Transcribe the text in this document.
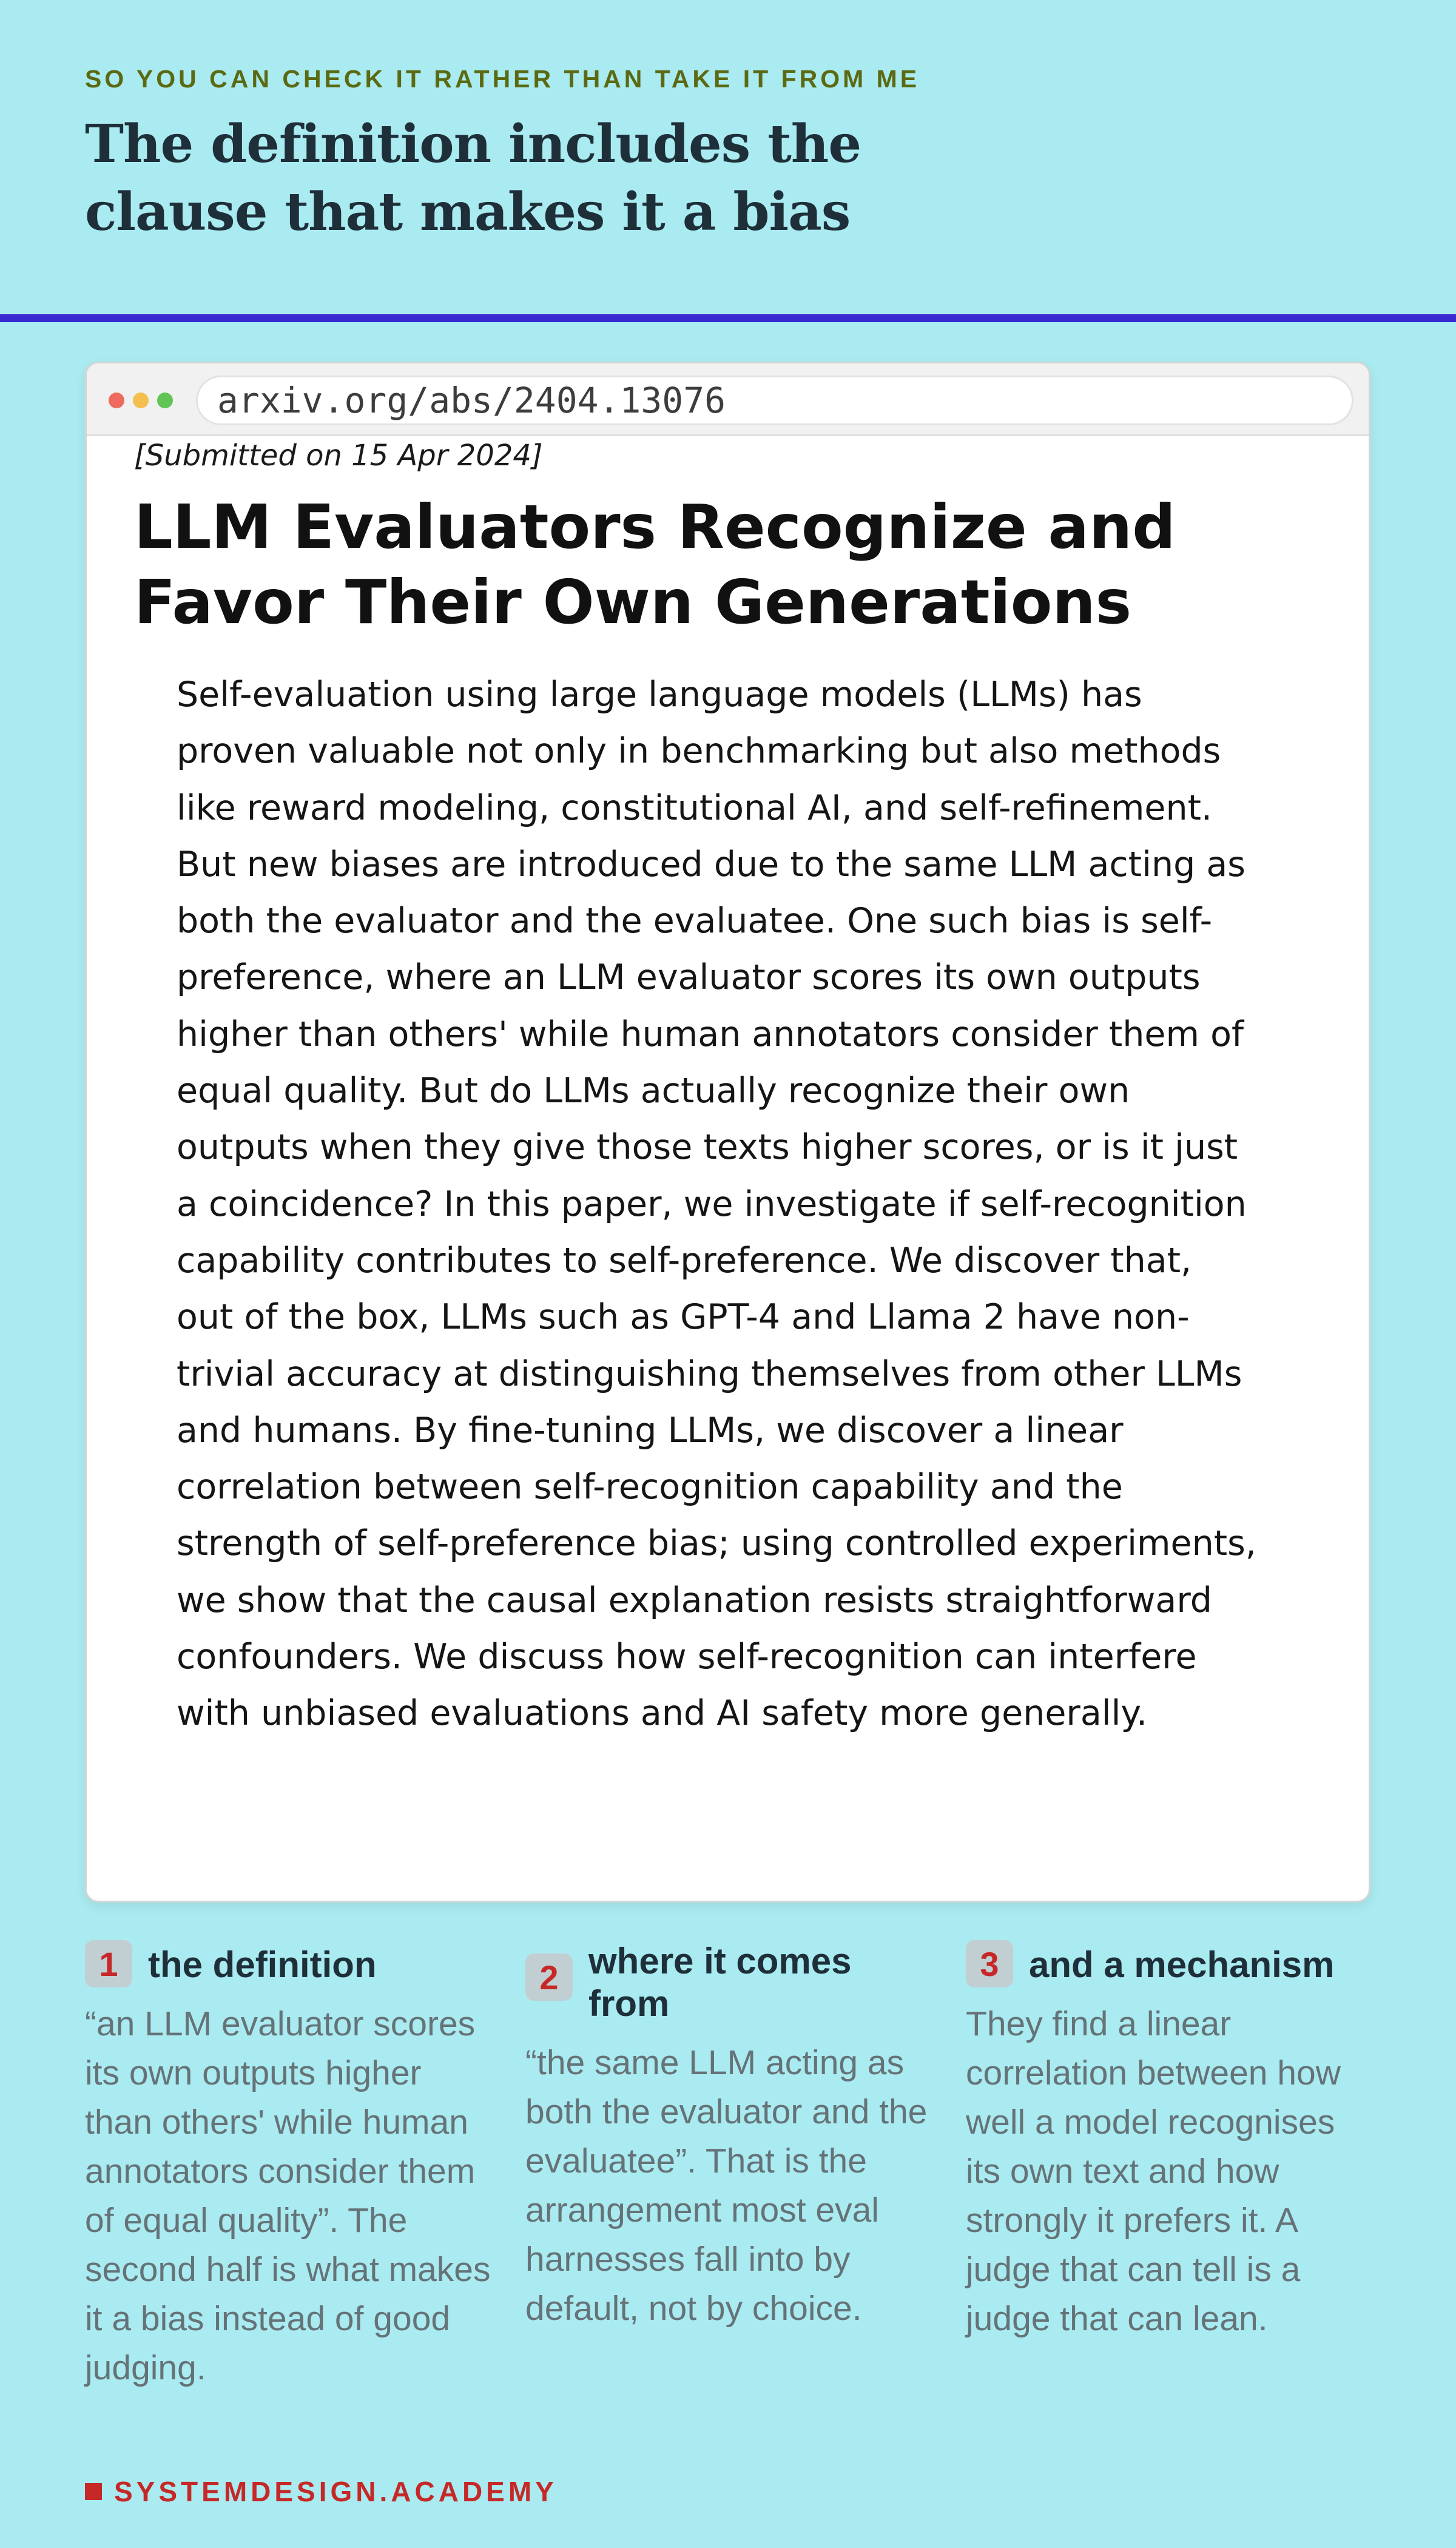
SO YOU CAN CHECK IT RATHER THAN TAKE IT FROM ME
The definition includes the clause that makes it a bias
arxiv.org/abs/2404.13076
[Submitted on 15 Apr 2024]
LLM Evaluators Recognize and Favor Their Own Generations
Self-evaluation using large language models (LLMs) has proven valuable not only in benchmarking but also methods like reward modeling, constitutional AI, and self-refinement. But new biases are introduced due to the same LLM acting as both the evaluator and the evaluatee. One such bias is self-preference, where an LLM evaluator scores its own outputs higher than others' while human annotators consider them of equal quality. But do LLMs actually recognize their own outputs when they give those texts higher scores, or is it just a coincidence? In this paper, we investigate if self-recognition capability contributes to self-preference. We discover that, out of the box, LLMs such as GPT-4 and Llama 2 have non-trivial accuracy at distinguishing themselves from other LLMs and humans. By fine-tuning LLMs, we discover a linear correlation between self-recognition capability and the strength of self-preference bias; using controlled experiments, we show that the causal explanation resists straightforward confounders. We discuss how self-recognition can interfere with unbiased evaluations and AI safety more generally.
1 the definition
“an LLM evaluator scores its own outputs higher than others' while human annotators consider them of equal quality”. The second half is what makes it a bias instead of good judging.
2 where it comes from
“the same LLM acting as both the evaluator and the evaluatee”. That is the arrangement most eval harnesses fall into by default, not by choice.
3 and a mechanism
They find a linear correlation between how well a model recognises its own text and how strongly it prefers it. A judge that can tell is a judge that can lean.
SYSTEMDESIGN.ACADEMY
